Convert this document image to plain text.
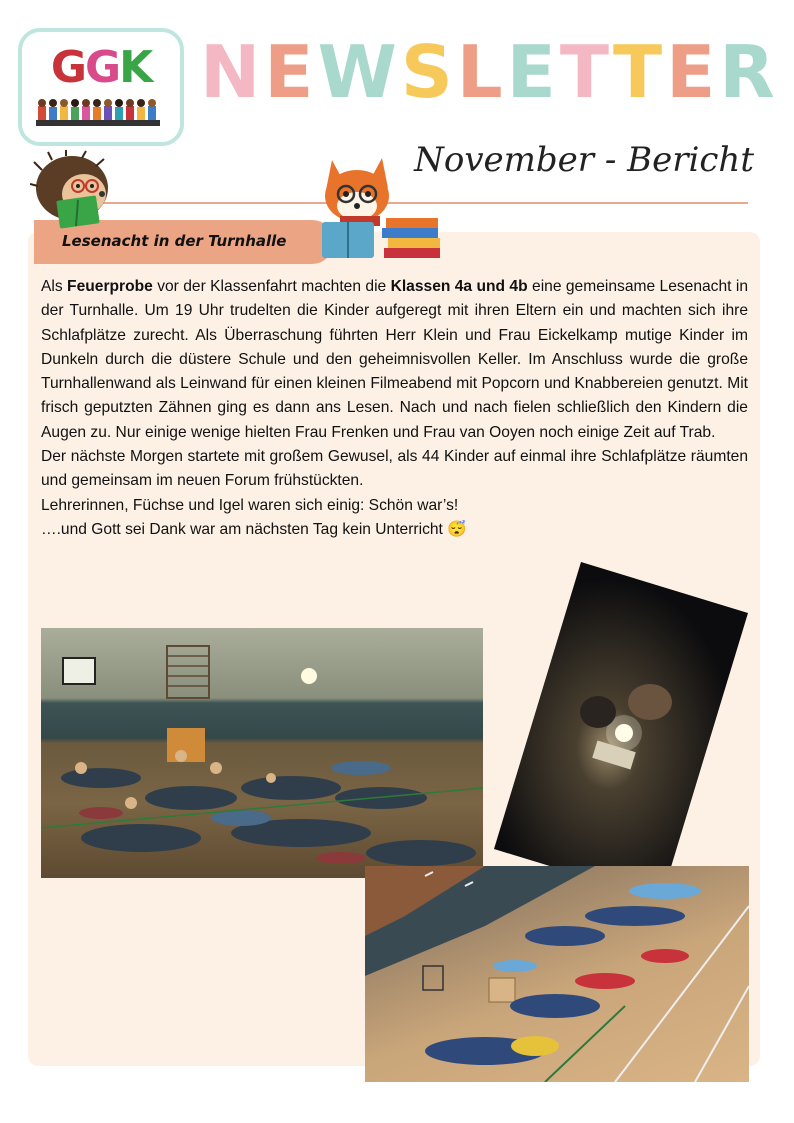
GGK NEWSLETTER
November - Bericht
Lesenacht in der Turnhalle

Als Feuerprobe vor der Klassenfahrt machten die Klassen 4a und 4b eine gemeinsame Lesenacht in der Turnhalle. Um 19 Uhr trudelten die Kinder aufgeregt mit ihren Eltern ein und machten sich ihre Schlafplätze zurecht. Als Überraschung führten Herr Klein und Frau Eickelkamp mutige Kinder im Dunkeln durch die düstere Schule und den geheimnisvollen Keller. Im Anschluss wurde die große Turnhallenwand als Leinwand für einen kleinen Filmeabend mit Popcorn und Knabbereien genutzt. Mit frisch geputzten Zähnen ging es dann ans Lesen. Nach und nach fielen schließlich den Kindern die Augen zu. Nur einige wenige hielten Frau Frenken und Frau van Ooyen noch einige Zeit auf Trab.

Der nächste Morgen startete mit großem Gewusel, als 44 Kinder auf einmal ihre Schlafplätze räumten und gemeinsam im neuen Forum frühstückten.

Lehrerinnen, Füchse und Igel waren sich einig: Schön war’s!

….und Gott sei Dank war am nächsten Tag kein Unterricht 😴
